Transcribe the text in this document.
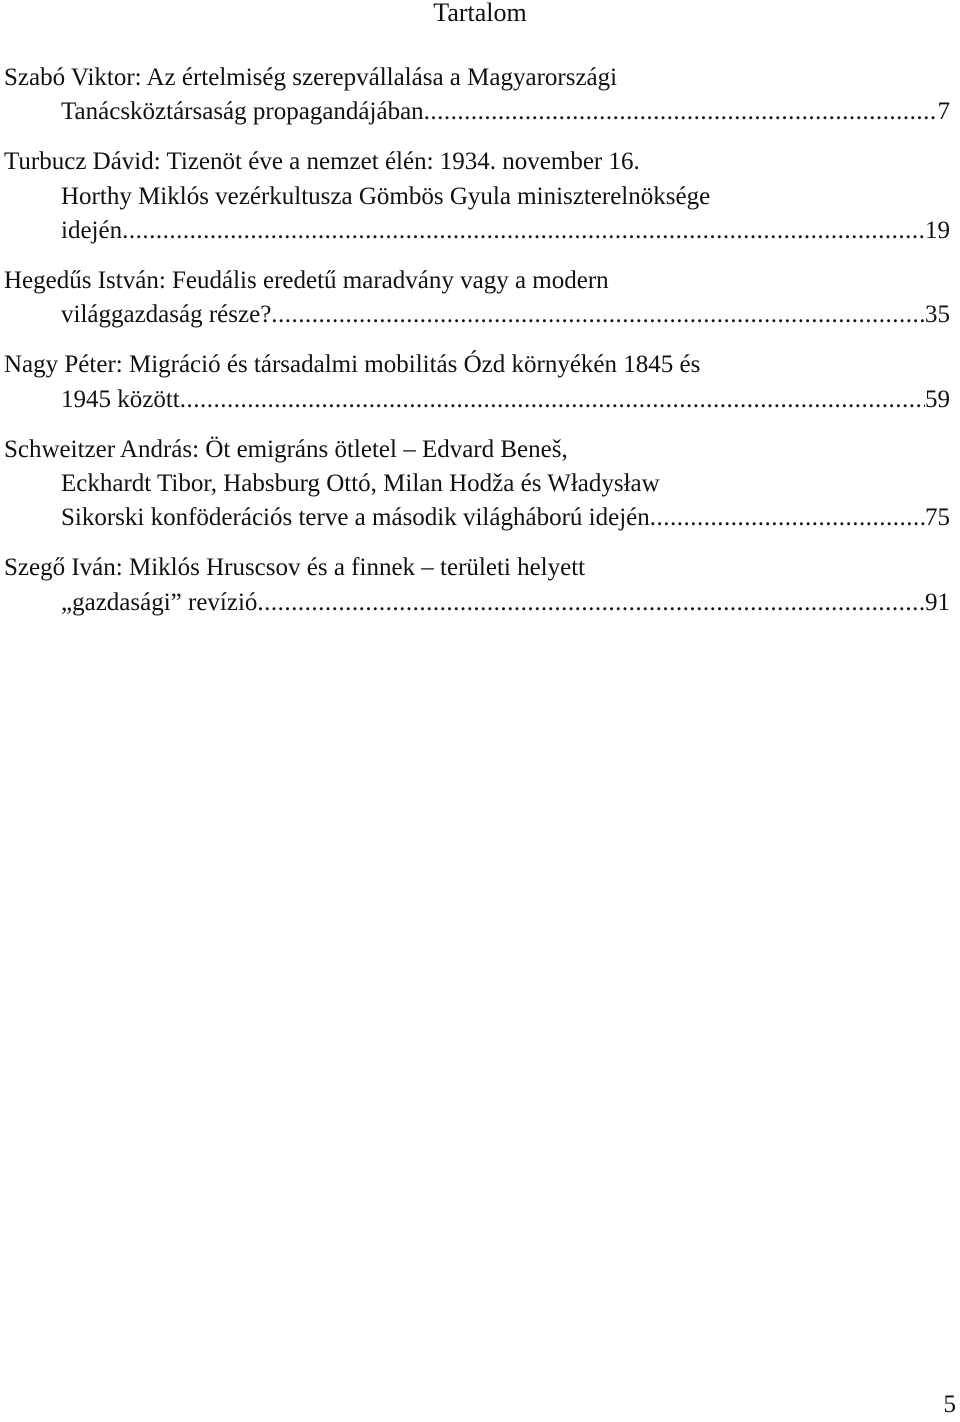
Tartalom
Szabó Viktor: Az értelmiség szerepvállalása a Magyarországi
Tanácsköztársaság propagandájában .....	7
Turbucz Dávid: Tizenöt éve a nemzet élén: 1934. november 16.
Horthy Miklós vezérkultusza Gömbös Gyula miniszterelnöksége
idején .....	19
Hegedűs István: Feudális eredetű maradvány vagy a modern
világgazdaság része? .....	35
Nagy Péter: Migráció és társadalmi mobilitás Ózd környékén 1845 és
1945 között .....	59
Schweitzer András: Öt emigráns ötletel – Edvard Beneš,
Eckhardt Tibor, Habsburg Ottó, Milan Hodža és Władysław
Sikorski konföderációs terve a második világháború idején .....	75
Szegő Iván: Miklós Hruscsov és a finnek – területi helyett
„gazdasági” revízió .....	91
5
